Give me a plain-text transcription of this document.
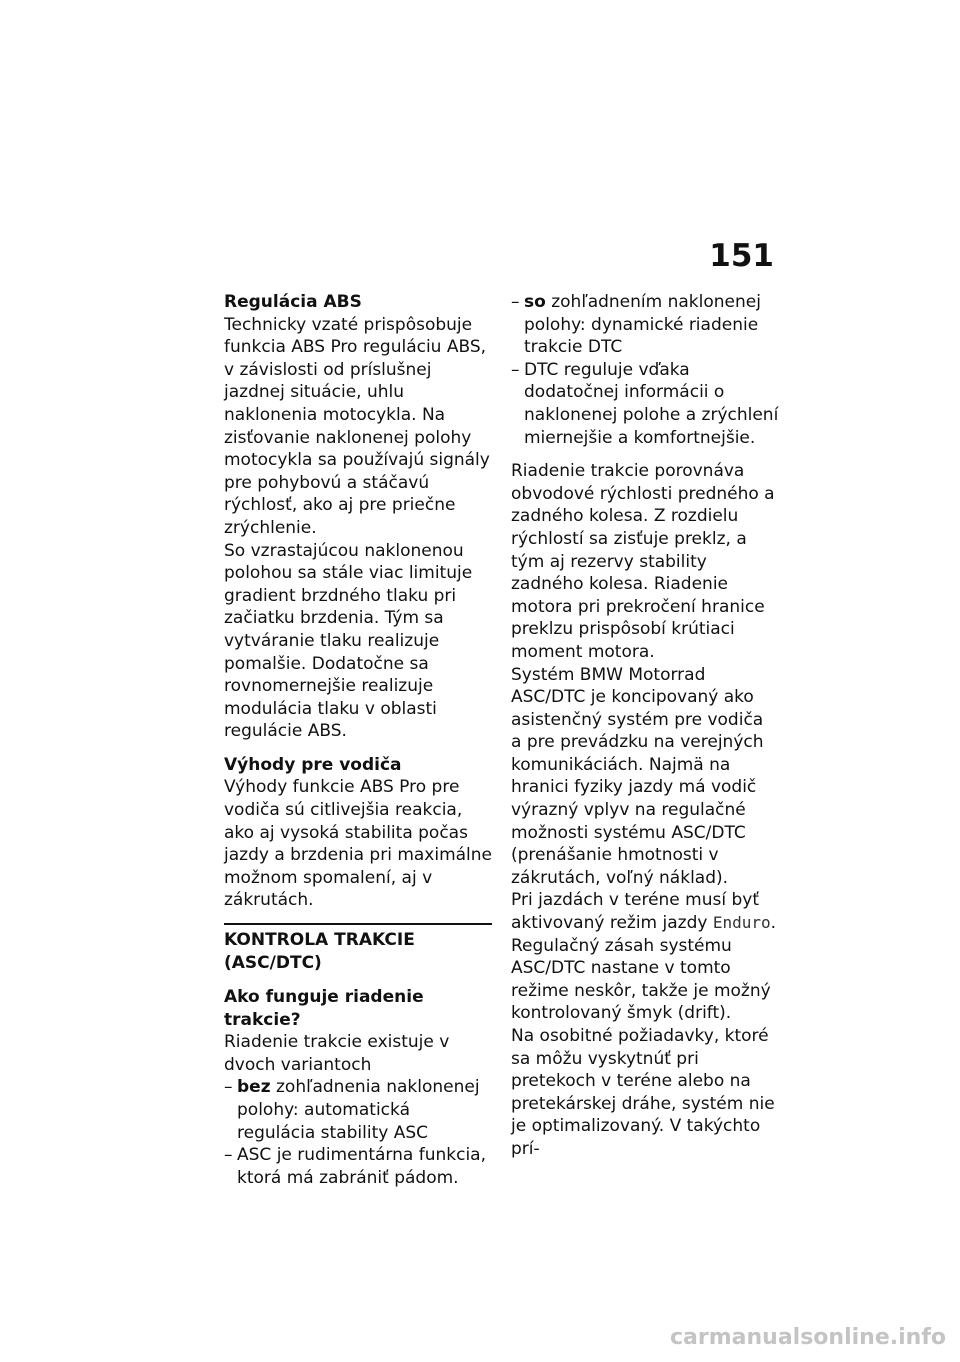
151

Regulácia ABS

Technicky vzaté prispôsobuje funkcia ABS Pro reguláciu ABS, v závislosti od príslušnej jazdnej situácie, uhlu naklonenia motocykla. Na zisťovanie naklonenej polohy motocykla sa používajú signály pre pohybovú a stáčavú rýchlosť, ako aj pre priečne zrýchlenie.

So vzrastajúcou naklonenou polohou sa stále viac limituje gradient brzdného tlaku pri začiatku brzdenia. Tým sa vytváranie tlaku realizuje pomalšie. Dodatočne sa rovnomernejšie realizuje modulácia tlaku v oblasti regulácie ABS.

Výhody pre vodiča

Výhody funkcie ABS Pro pre vodiča sú citlivejšia reakcia, ako aj vysoká stabilita počas jazdy a brzdenia pri maximálne možnom spomalení, aj v zákrutách.

KONTROLA TRAKCIE (ASC/DTC)

Ako funguje riadenie trakcie?

Riadenie trakcie existuje v dvoch variantoch

– bez zohľadnenia naklonenej polohy: automatická regulácia stability ASC
– ASC je rudimentárna funkcia, ktorá má zabrániť pádom.
– so zohľadnením naklonenej polohy: dynamické riadenie trakcie DTC
– DTC reguluje vďaka dodatočnej informácii o naklonenej polohe a zrýchlení miernejšie a komfortnejšie.

Riadenie trakcie porovnáva obvodové rýchlosti predného a zadného kolesa. Z rozdielu rýchlostí sa zisťuje preklz, a tým aj rezervy stability zadného kolesa. Riadenie motora pri prekročení hranice preklzu prispôsobí krútiaci moment motora.

Systém BMW Motorrad ASC/DTC je koncipovaný ako asistenčný systém pre vodiča a pre prevádzku na verejných komunikáciách. Najmä na hranici fyziky jazdy má vodič výrazný vplyv na regulačné možnosti systému ASC/DTC (prenášanie hmotnosti v zákrutách, voľný náklad).

Pri jazdách v teréne musí byť aktivovaný režim jazdy Enduro. Regulačný zásah systému ASC/DTC nastane v tomto režime neskôr, takže je možný kontrolovaný šmyk (drift).

Na osobitné požiadavky, ktoré sa môžu vyskytnúť pri pretekoch v teréne alebo na pretekárskej dráhe, systém nie je optimalizovaný. V takýchto prí-

carmanualsonline.info
